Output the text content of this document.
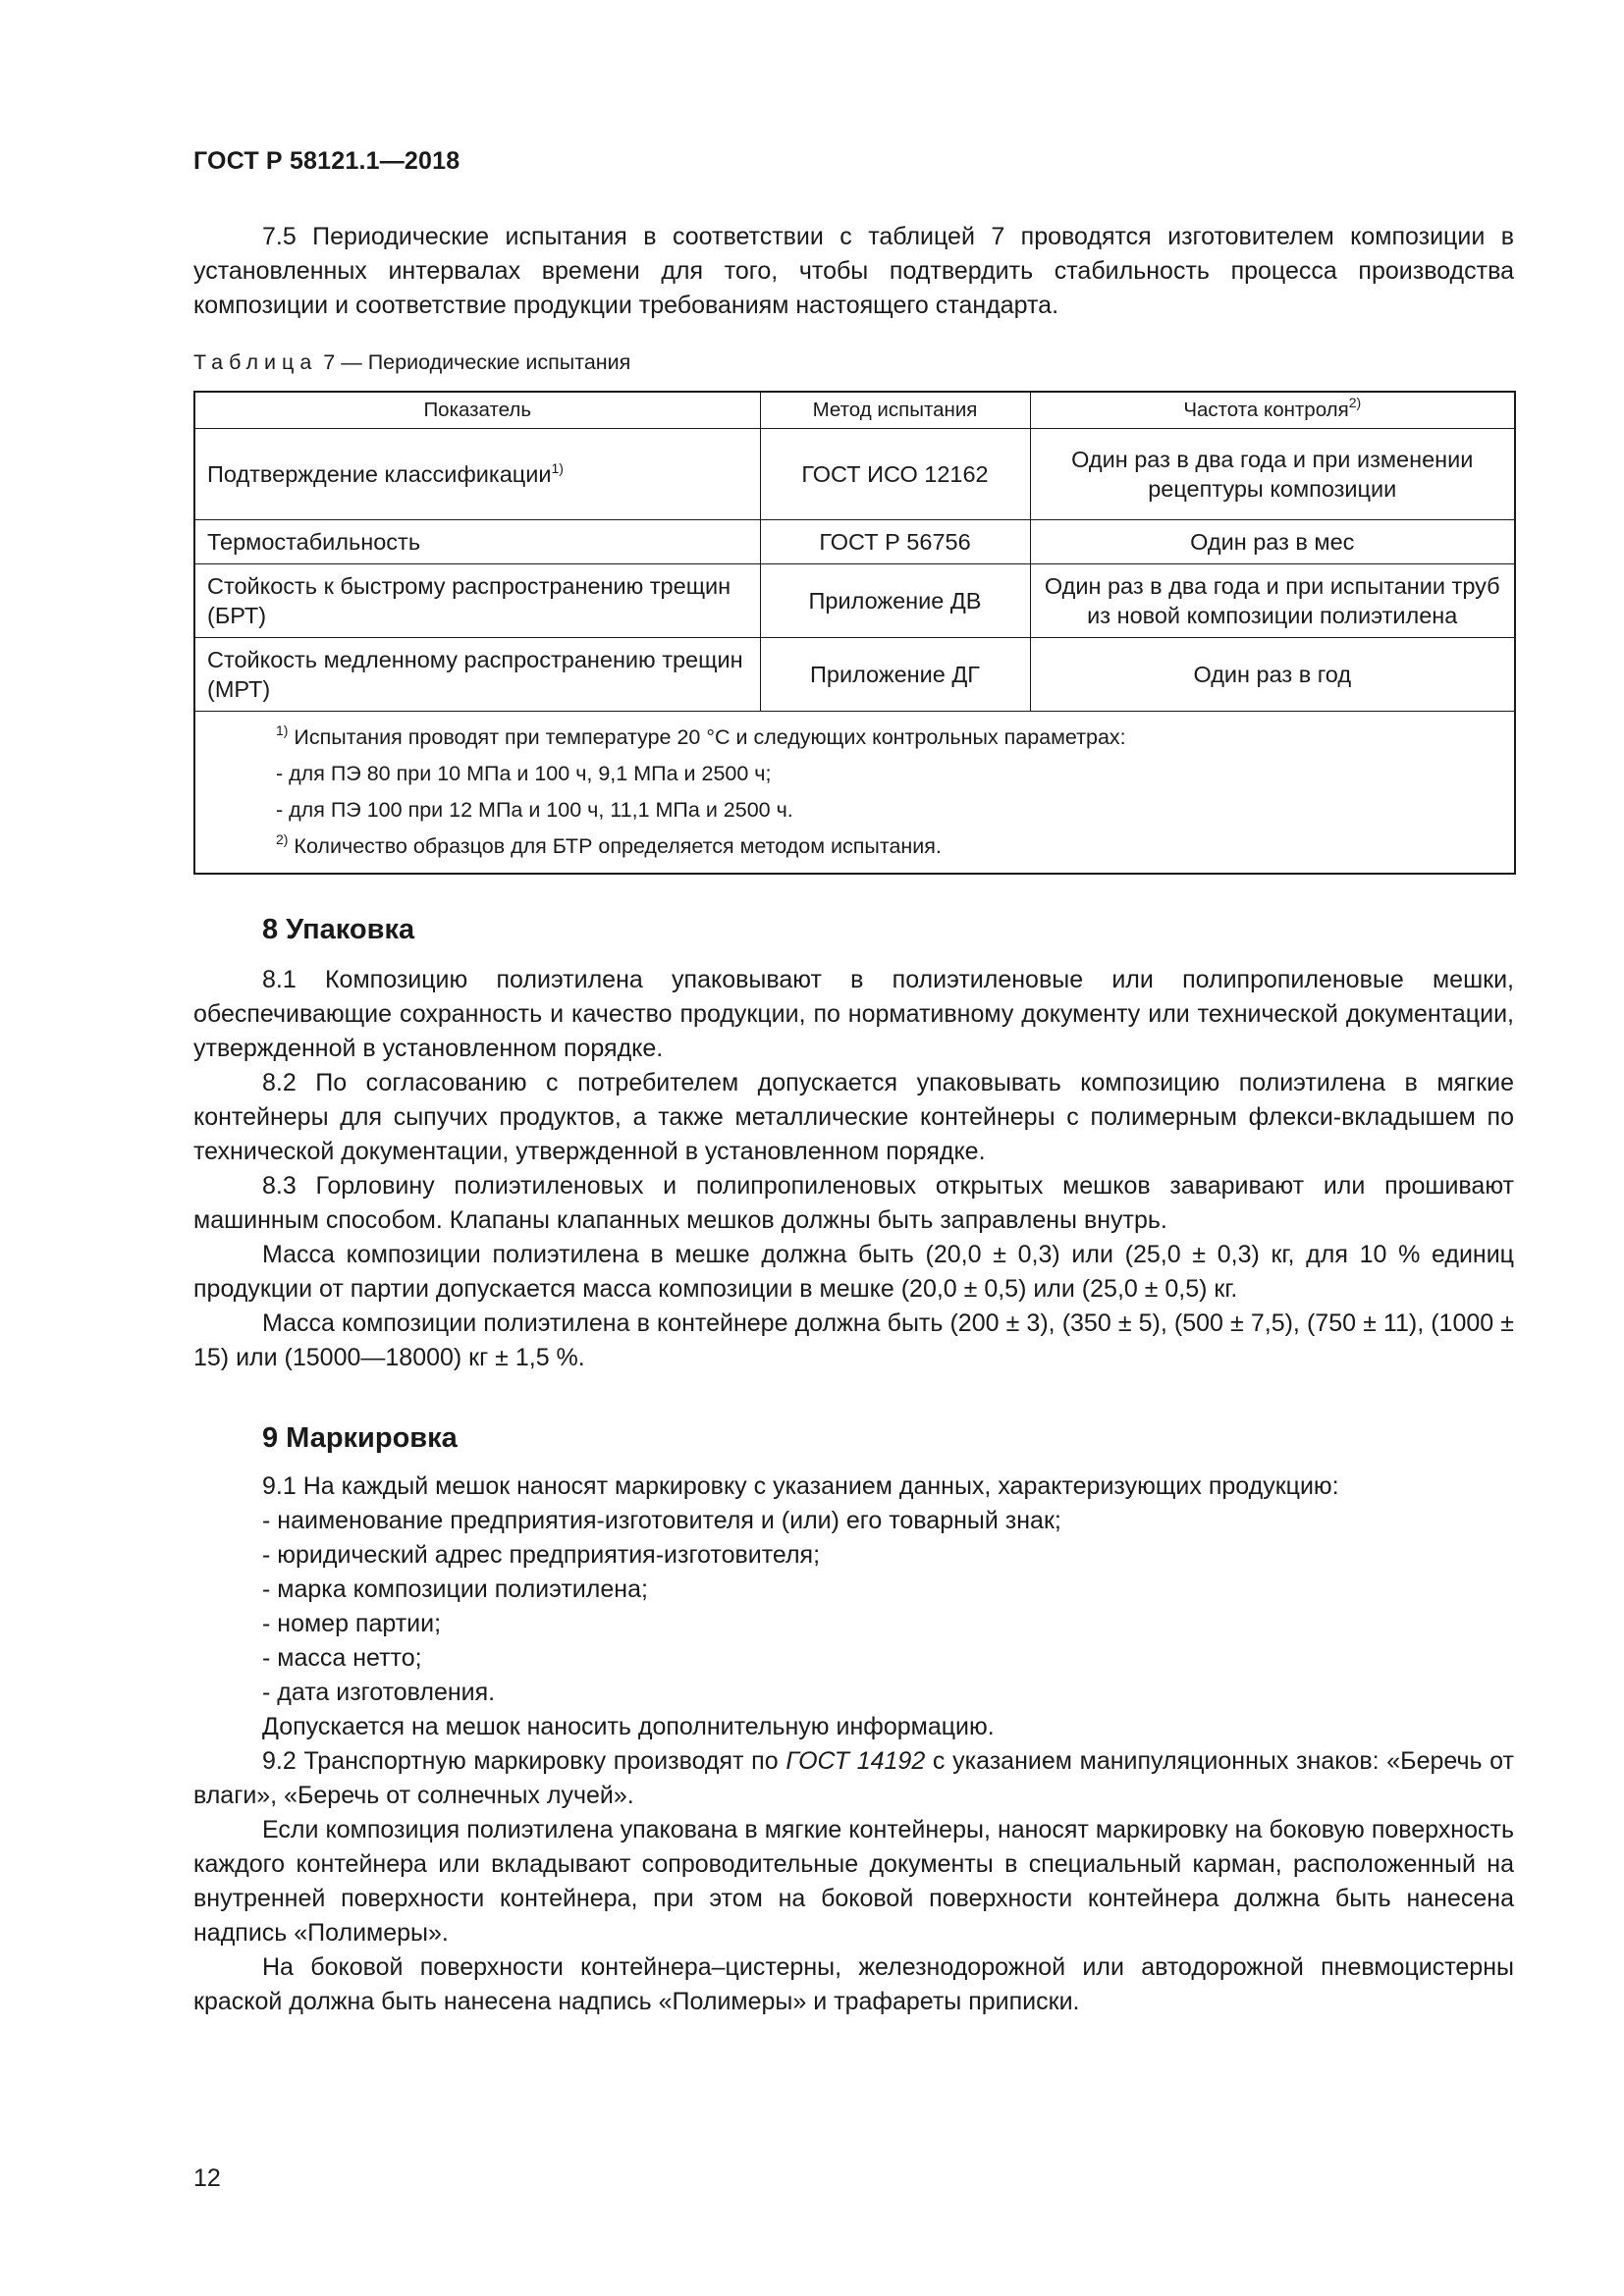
ГОСТ Р 58121.1—2018

7.5 Периодические испытания в соответствии с таблицей 7 проводятся изготовителем композиции в установленных интервалах времени для того, чтобы подтвердить стабильность процесса производства композиции и соответствие продукции требованиям настоящего стандарта.

Таблица 7 — Периодические испытания
Показатель	Метод испытания	Частота контроля$^{2)}$
Подтверждение классификации$^{1)}$	ГОСТ ИСО 12162	Один раз в два года и при изменении рецептуры композиции
Термостабильность	ГОСТ Р 56756	Один раз в мес
Стойкость к быстрому распространению трещин (БРТ)	Приложение ДВ	Один раз в два года и при испытании труб из новой композиции полиэтилена
Стойкость медленному распространению трещин (МРТ)	Приложение ДГ	Один раз в год

$^{1)}$ Испытания проводят при температуре 20 °С и следующих контрольных параметрах:
- для ПЭ 80 при 10 МПа и 100 ч, 9,1 МПа и 2500 ч;
- для ПЭ 100 при 12 МПа и 100 ч, 11,1 МПа и 2500 ч.
$^{2)}$ Количество образцов для БТР определяется методом испытания.		
8 Упаковка

8.1 Композицию полиэтилена упаковывают в полиэтиленовые или полипропиленовые мешки, обеспечивающие сохранность и качество продукции, по нормативному документу или технической документации, утвержденной в установленном порядке.

8.2 По согласованию с потребителем допускается упаковывать композицию полиэтилена в мягкие контейнеры для сыпучих продуктов, а также металлические контейнеры с полимерным флекси-вкладышем по технической документации, утвержденной в установленном порядке.

8.3 Горловину полиэтиленовых и полипропиленовых открытых мешков заваривают или прошивают машинным способом. Клапаны клапанных мешков должны быть заправлены внутрь.

Масса композиции полиэтилена в мешке должна быть (20,0 ± 0,3) или (25,0 ± 0,3) кг, для 10 % единиц продукции от партии допускается масса композиции в мешке (20,0 ± 0,5) или (25,0 ± 0,5) кг.

Масса композиции полиэтилена в контейнере должна быть (200 ± 3), (350 ± 5), (500 ± 7,5), (750 ± 11), (1000 ± 15) или (15000—18000) кг ± 1,5 %.

9 Маркировка

9.1 На каждый мешок наносят маркировку с указанием данных, характеризующих продукцию:

- наименование предприятия-изготовителя и (или) его товарный знак;
- юридический адрес предприятия-изготовителя;
- марка композиции полиэтилена;
- номер партии;
- масса нетто;
- дата изготовления.

Допускается на мешок наносить дополнительную информацию.

9.2 Транспортную маркировку производят по ГОСТ 14192 с указанием манипуляционных знаков: «Беречь от влаги», «Беречь от солнечных лучей».

Если композиция полиэтилена упакована в мягкие контейнеры, наносят маркировку на боковую поверхность каждого контейнера или вкладывают сопроводительные документы в специальный карман, расположенный на внутренней поверхности контейнера, при этом на боковой поверхности контейнера должна быть нанесена надпись «Полимеры».

На боковой поверхности контейнера–цистерны, железнодорожной или автодорожной пневмоцистерны краской должна быть нанесена надпись «Полимеры» и трафареты приписки.

12
